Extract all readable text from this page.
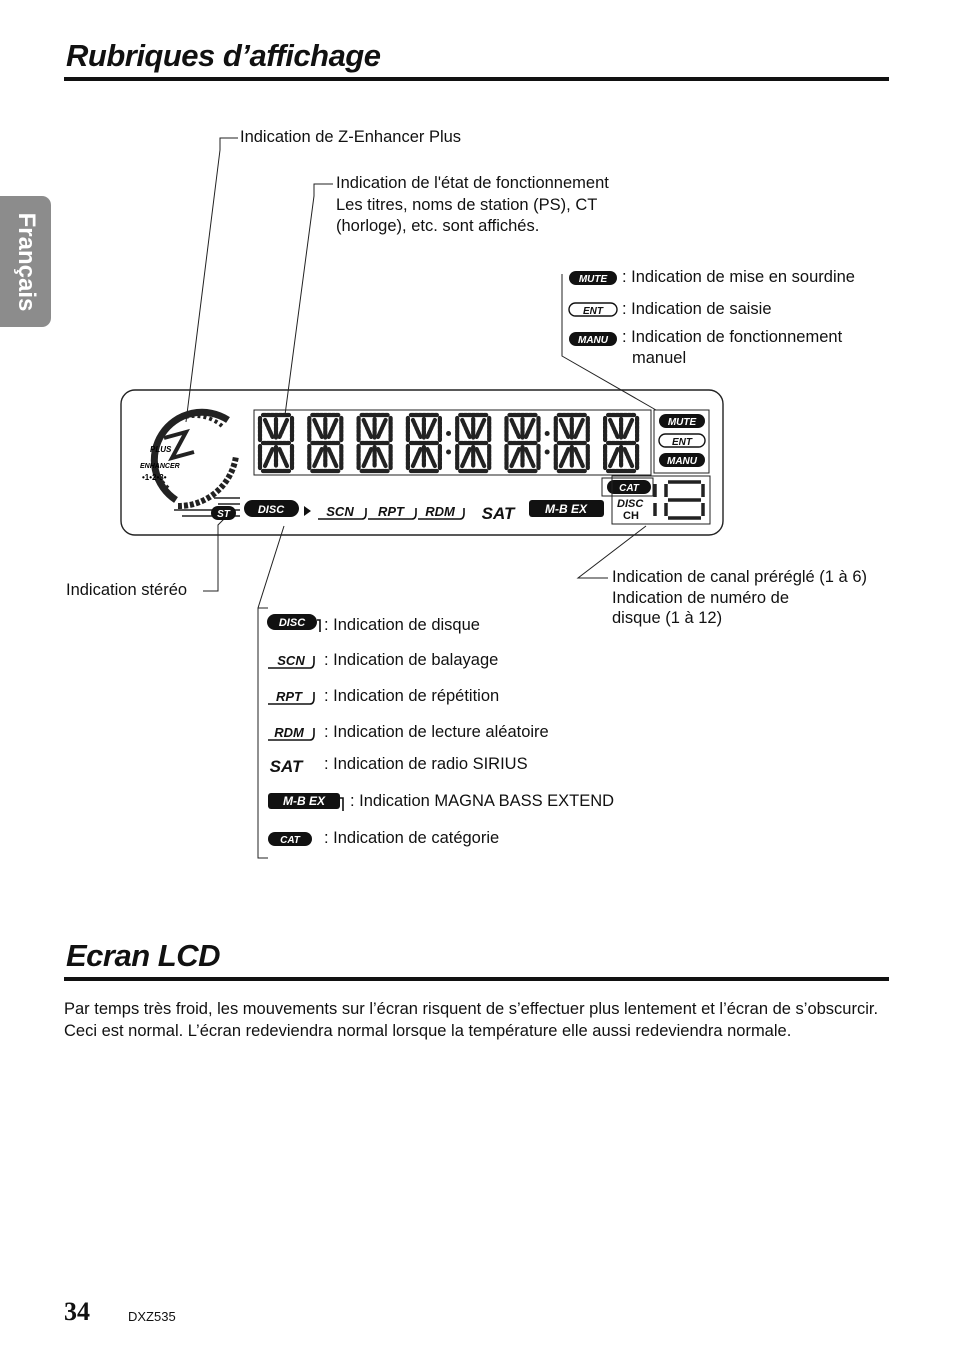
Rubriques d’affichage
Français
PLUS
ENHANCER
•1•2•3•
ST
MUTE
ENT
MANU
DISC	SCN RPT RDM SAT	M-B EX
CAT
DISC
CH
DISC
SCN
RPT
RDM
SAT
M-B EX
CAT
MUTE
ENT
MANU
Indication de Z-Enhancer Plus
Indication de l'état de fonctionnement
Les titres, noms de station (PS), CT
(horloge), etc. sont affichés.
: Indication de mise en sourdine
: Indication de saisie
: Indication de fonctionnement
manuel
Indication stéréo
Indication de canal préréglé (1 à 6)
Indication de numéro de
disque (1 à 12)
: Indication de disque
: Indication de balayage
: Indication de répétition
: Indication de lecture aléatoire
: Indication de radio SIRIUS
: Indication MAGNA BASS EXTEND
: Indication de catégorie
Ecran LCD
Par temps très froid, les mouvements sur l’écran risquent de s’effectuer plus lentement et l’écran de s’obscurcir. Ceci est normal. L’écran redeviendra normal lorsque la température elle aussi redeviendra normale.
34	DXZ535
